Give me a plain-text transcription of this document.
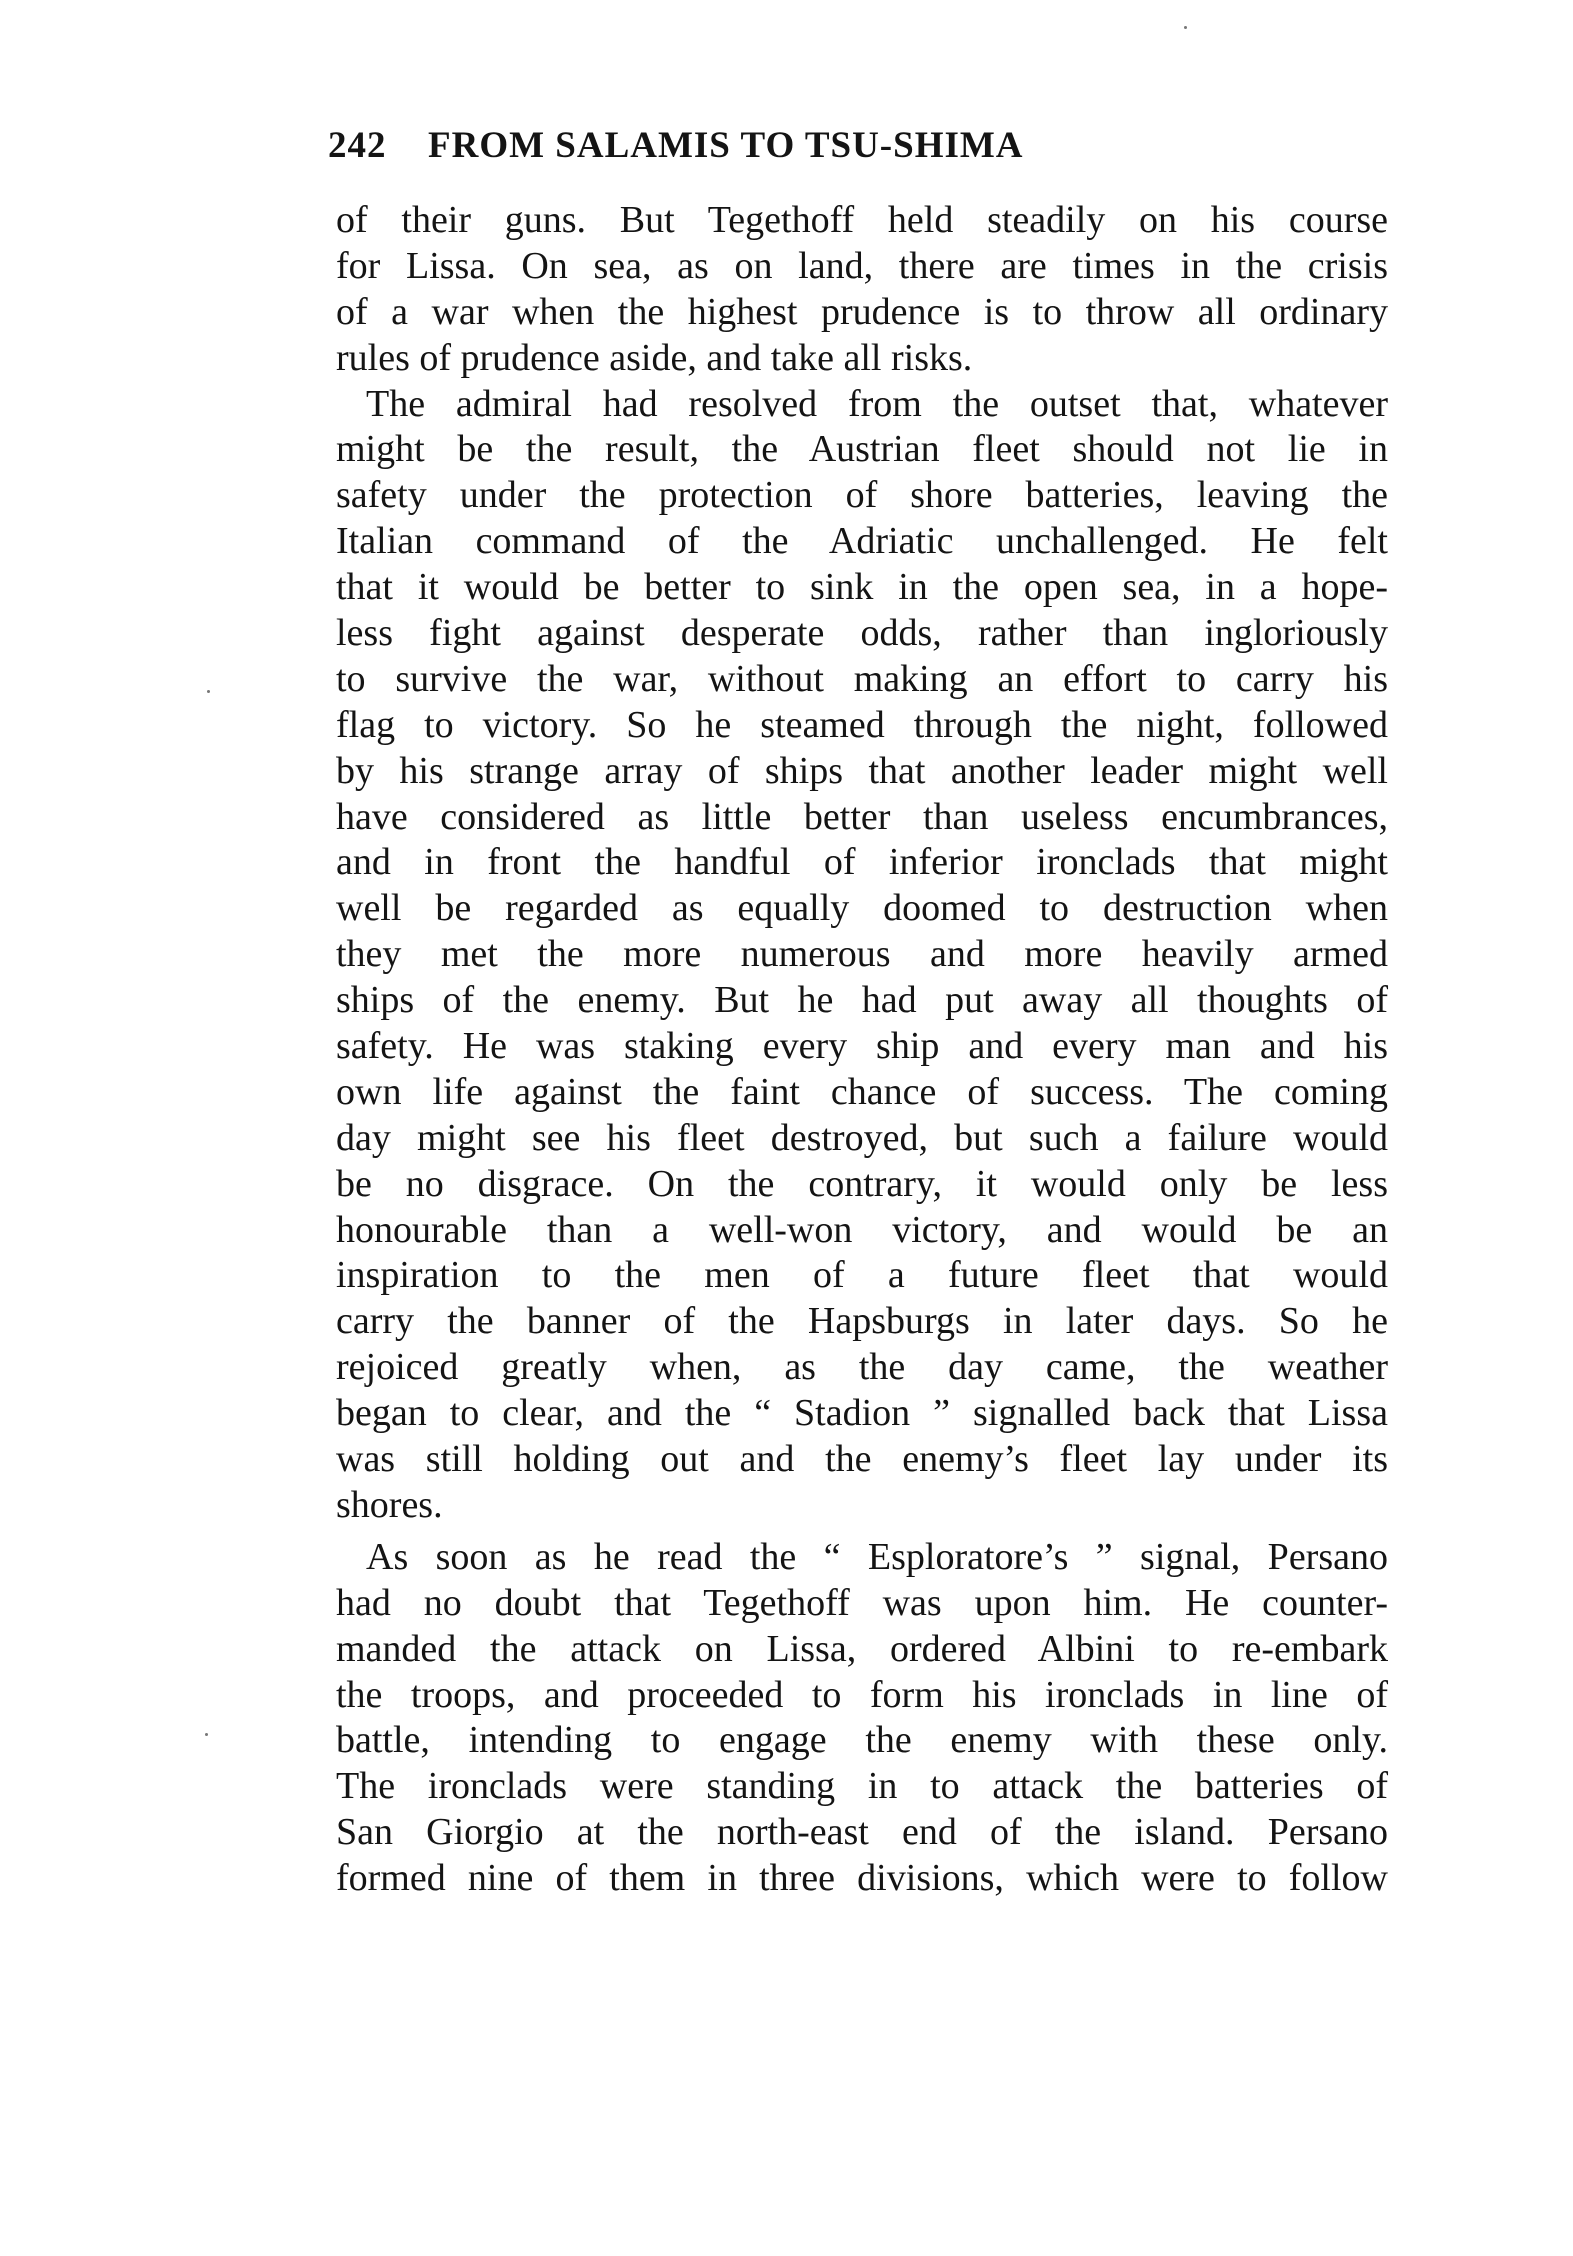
242 FROM SALAMIS TO TSU-SHIMA
of their guns. But Tegethoff held steadily on his course
for Lissa. On sea, as on land, there are times in the crisis
of a war when the highest prudence is to throw all ordinary
rules of prudence aside, and take all risks.
The admiral had resolved from the outset that, whatever
might be the result, the Austrian fleet should not lie in
safety under the protection of shore batteries, leaving the
Italian command of the Adriatic unchallenged. He felt
that it would be better to sink in the open sea, in a hope-
less fight against desperate odds, rather than ingloriously
to survive the war, without making an effort to carry his
flag to victory. So he steamed through the night, followed
by his strange array of ships that another leader might well
have considered as little better than useless encumbrances,
and in front the handful of inferior ironclads that might
well be regarded as equally doomed to destruction when
they met the more numerous and more heavily armed
ships of the enemy. But he had put away all thoughts of
safety. He was staking every ship and every man and his
own life against the faint chance of success. The coming
day might see his fleet destroyed, but such a failure would
be no disgrace. On the contrary, it would only be less
honourable than a well-won victory, and would be an
inspiration to the men of a future fleet that would
carry the banner of the Hapsburgs in later days. So he
rejoiced greatly when, as the day came, the weather
began to clear, and the “ Stadion ” signalled back that Lissa
was still holding out and the enemy’s fleet lay under its
shores.
As soon as he read the “ Esploratore’s ” signal, Persano
had no doubt that Tegethoff was upon him. He counter-
manded the attack on Lissa, ordered Albini to re-embark
the troops, and proceeded to form his ironclads in line of
battle, intending to engage the enemy with these only.
The ironclads were standing in to attack the batteries of
San Giorgio at the north-east end of the island. Persano
formed nine of them in three divisions, which were to follow
